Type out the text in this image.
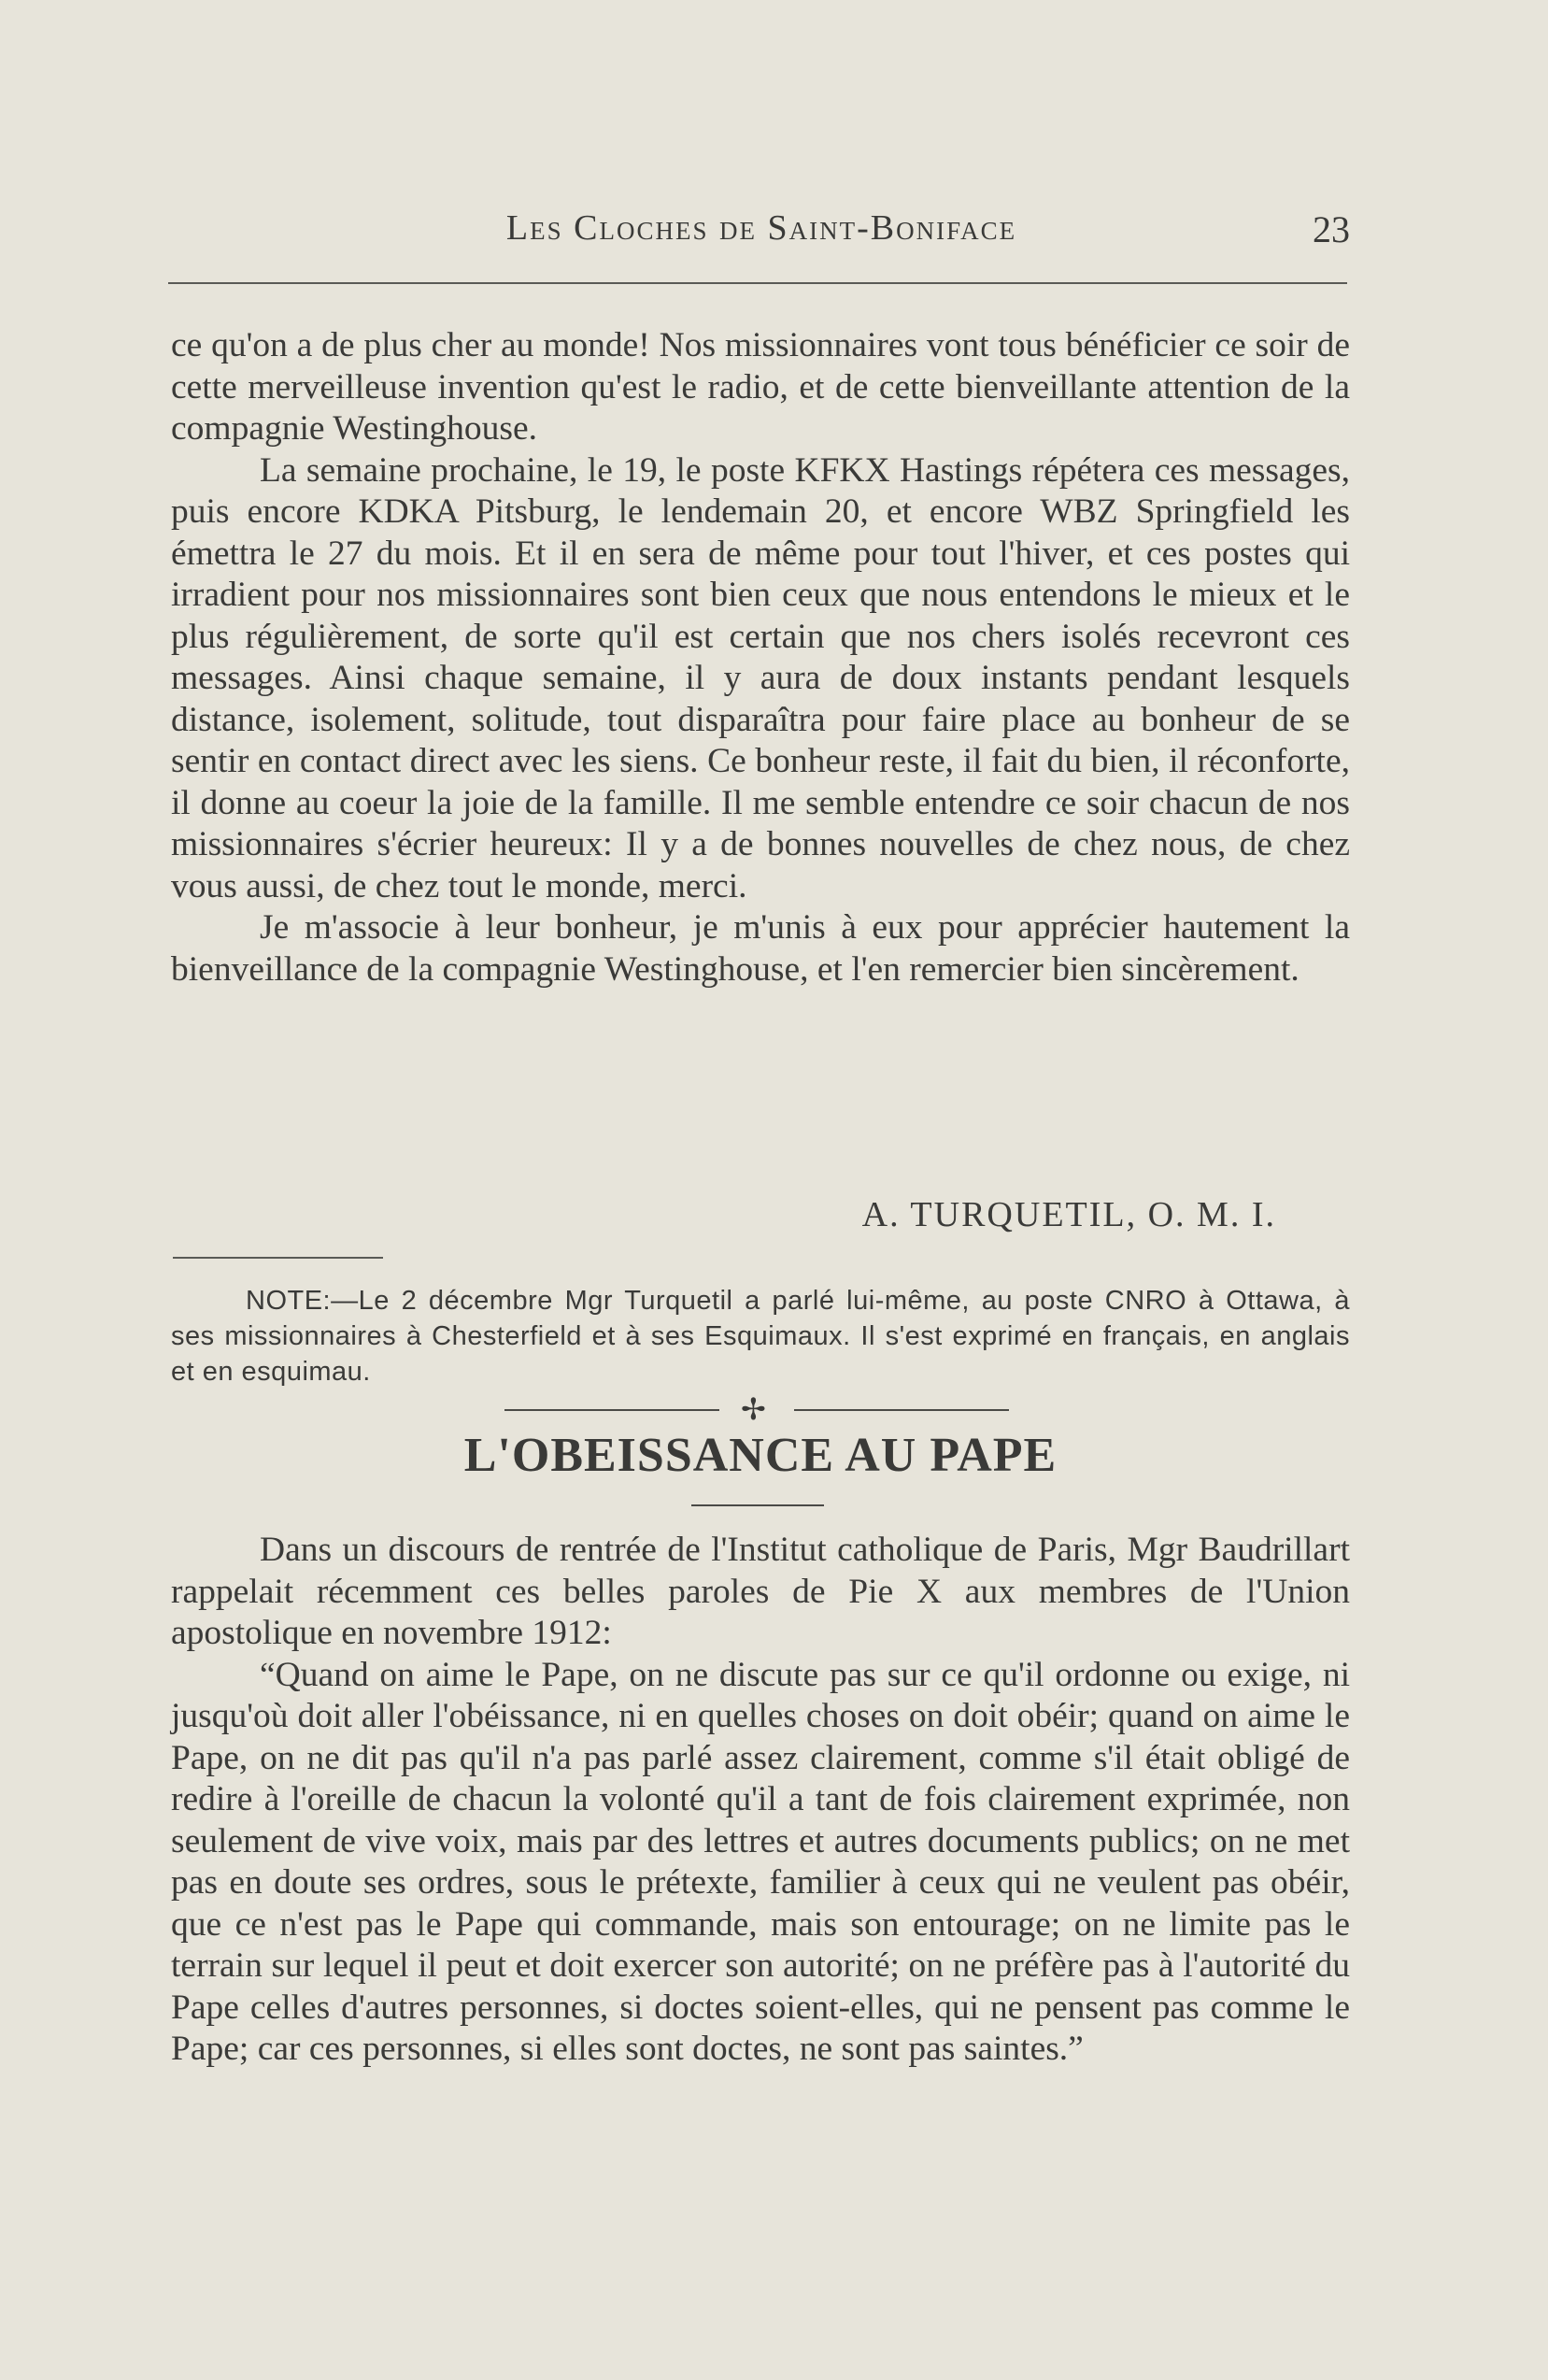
Les Cloches de Saint-Boniface	23

ce qu'on a de plus cher au monde! Nos missionnaires vont tous bénéficier ce soir de cette merveilleuse invention qu'est le radio, et de cette bienveillante attention de la compagnie Westinghouse.

La semaine prochaine, le 19, le poste KFKX Hastings répétera ces messages, puis encore KDKA Pitsburg, le lendemain 20, et encore WBZ Springfield les émettra le 27 du mois. Et il en sera de même pour tout l'hiver, et ces postes qui irradient pour nos missionnaires sont bien ceux que nous entendons le mieux et le plus régulièrement, de sorte qu'il est certain que nos chers isolés recevront ces messages. Ainsi chaque semaine, il y aura de doux instants pendant lesquels distance, isolement, solitude, tout disparaîtra pour faire place au bonheur de se sentir en contact direct avec les siens. Ce bonheur reste, il fait du bien, il réconforte, il donne au coeur la joie de la famille. Il me semble entendre ce soir chacun de nos missionnaires s'écrier heureux: Il y a de bonnes nouvelles de chez nous, de chez vous aussi, de chez tout le monde, merci.

Je m'associe à leur bonheur, je m'unis à eux pour apprécier hautement la bienveillance de la compagnie Westinghouse, et l'en remercier bien sincèrement.

A. TURQUETIL, O. M. I.

NOTE:—Le 2 décembre Mgr Turquetil a parlé lui-même, au poste CNRO à Ottawa, à ses missionnaires à Chesterfield et à ses Esquimaux. Il s'est exprimé en français, en anglais et en esquimau.

✢
L'OBEISSANCE AU PAPE

Dans un discours de rentrée de l'Institut catholique de Paris, Mgr Baudrillart rappelait récemment ces belles paroles de Pie X aux membres de l'Union apostolique en novembre 1912:

“Quand on aime le Pape, on ne discute pas sur ce qu'il ordonne ou exige, ni jusqu'où doit aller l'obéissance, ni en quelles choses on doit obéir; quand on aime le Pape, on ne dit pas qu'il n'a pas parlé assez clairement, comme s'il était obligé de redire à l'oreille de chacun la volonté qu'il a tant de fois clairement exprimée, non seulement de vive voix, mais par des lettres et autres documents publics; on ne met pas en doute ses ordres, sous le prétexte, familier à ceux qui ne veulent pas obéir, que ce n'est pas le Pape qui commande, mais son entourage; on ne limite pas le terrain sur lequel il peut et doit exercer son autorité; on ne préfère pas à l'autorité du Pape celles d'autres personnes, si doctes soient-elles, qui ne pensent pas comme le Pape; car ces personnes, si elles sont doctes, ne sont pas saintes.”
